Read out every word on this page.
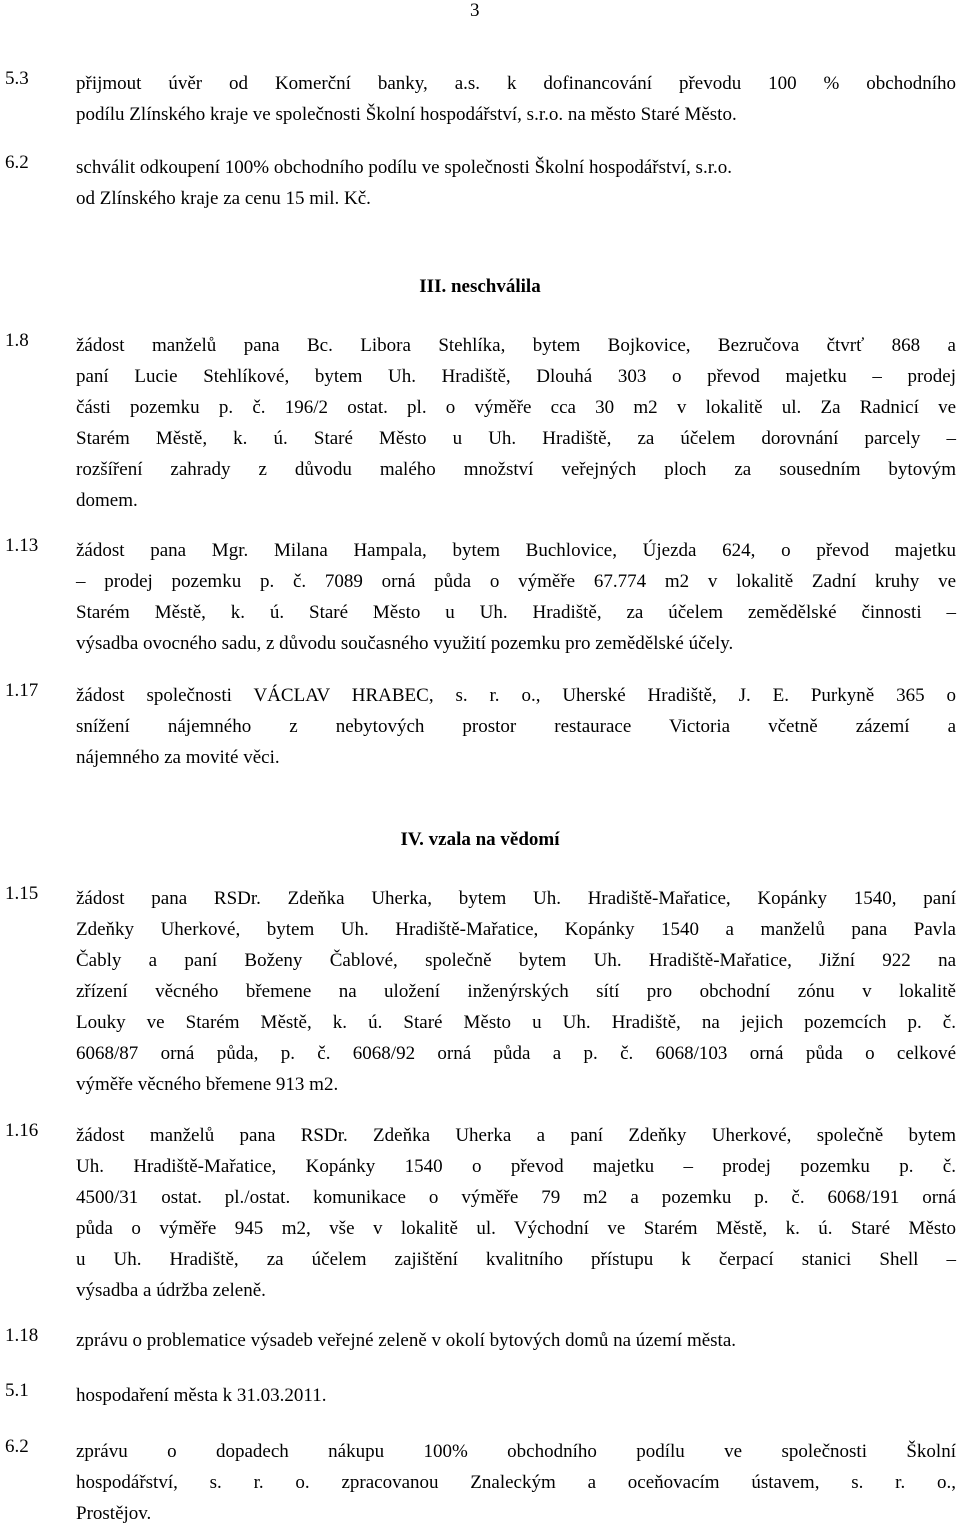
3
5.3 přijmout úvěr od Komerční banky, a.s. k dofinancování převodu 100 % obchodního
podílu Zlínského kraje ve společnosti Školní hospodářství, s.r.o. na město Staré Město.
6.2 schválit odkoupení 100% obchodního podílu ve společnosti Školní hospodářství, s.r.o.
od Zlínského kraje za cenu 15 mil. Kč.
III. neschválila
1.8 žádost manželů pana Bc. Libora Stehlíka, bytem Bojkovice, Bezručova čtvrť 868 a
paní Lucie Stehlíkové, bytem Uh. Hradiště, Dlouhá 303 o převod majetku – prodej
části pozemku p. č. 196/2 ostat. pl. o výměře cca 30 m2 v lokalitě ul. Za Radnicí ve
Starém Městě, k. ú. Staré Město u Uh. Hradiště, za účelem dorovnání parcely –
rozšíření zahrady z důvodu malého množství veřejných ploch za sousedním bytovým
domem.
1.13 žádost pana Mgr. Milana Hampala, bytem Buchlovice, Újezda 624, o převod majetku
– prodej pozemku p. č. 7089 orná půda o výměře 67.774 m2 v lokalitě Zadní kruhy ve
Starém Městě, k. ú. Staré Město u Uh. Hradiště, za účelem zemědělské činnosti –
výsadba ovocného sadu, z důvodu současného využití pozemku pro zemědělské účely.
1.17 žádost společnosti VÁCLAV HRABEC, s. r. o., Uherské Hradiště, J. E. Purkyně 365 o
snížení nájemného z nebytových prostor restaurace Victoria včetně zázemí a
nájemného za movité věci.
IV. vzala na vědomí
1.15 žádost pana RSDr. Zdeňka Uherka, bytem Uh. Hradiště-Mařatice, Kopánky 1540, paní
Zdeňky Uherkové, bytem Uh. Hradiště-Mařatice, Kopánky 1540 a manželů pana Pavla
Čably a paní Boženy Čablové, společně bytem Uh. Hradiště-Mařatice, Jižní 922 na
zřízení věcného břemene na uložení inženýrských sítí pro obchodní zónu v lokalitě
Louky ve Starém Městě, k. ú. Staré Město u Uh. Hradiště, na jejich pozemcích p. č.
6068/87 orná půda, p. č. 6068/92 orná půda a p. č. 6068/103 orná půda o celkové
výměře věcného břemene 913 m2.
1.16 žádost manželů pana RSDr. Zdeňka Uherka a paní Zdeňky Uherkové, společně bytem
Uh. Hradiště-Mařatice, Kopánky 1540 o převod majetku – prodej pozemku p. č.
4500/31 ostat. pl./ostat. komunikace o výměře 79 m2 a pozemku p. č. 6068/191 orná
půda o výměře 945 m2, vše v lokalitě ul. Východní ve Starém Městě, k. ú. Staré Město
u Uh. Hradiště, za účelem zajištění kvalitního přístupu k čerpací stanici Shell –
výsadba a údržba zeleně.
1.18 zprávu o problematice výsadeb veřejné zeleně v okolí bytových domů na území města.
5.1 hospodaření města k 31.03.2011.
6.2 zprávu o dopadech nákupu 100% obchodního podílu ve společnosti Školní
hospodářství, s. r. o. zpracovanou Znaleckým a oceňovacím ústavem, s. r. o.,
Prostějov.
